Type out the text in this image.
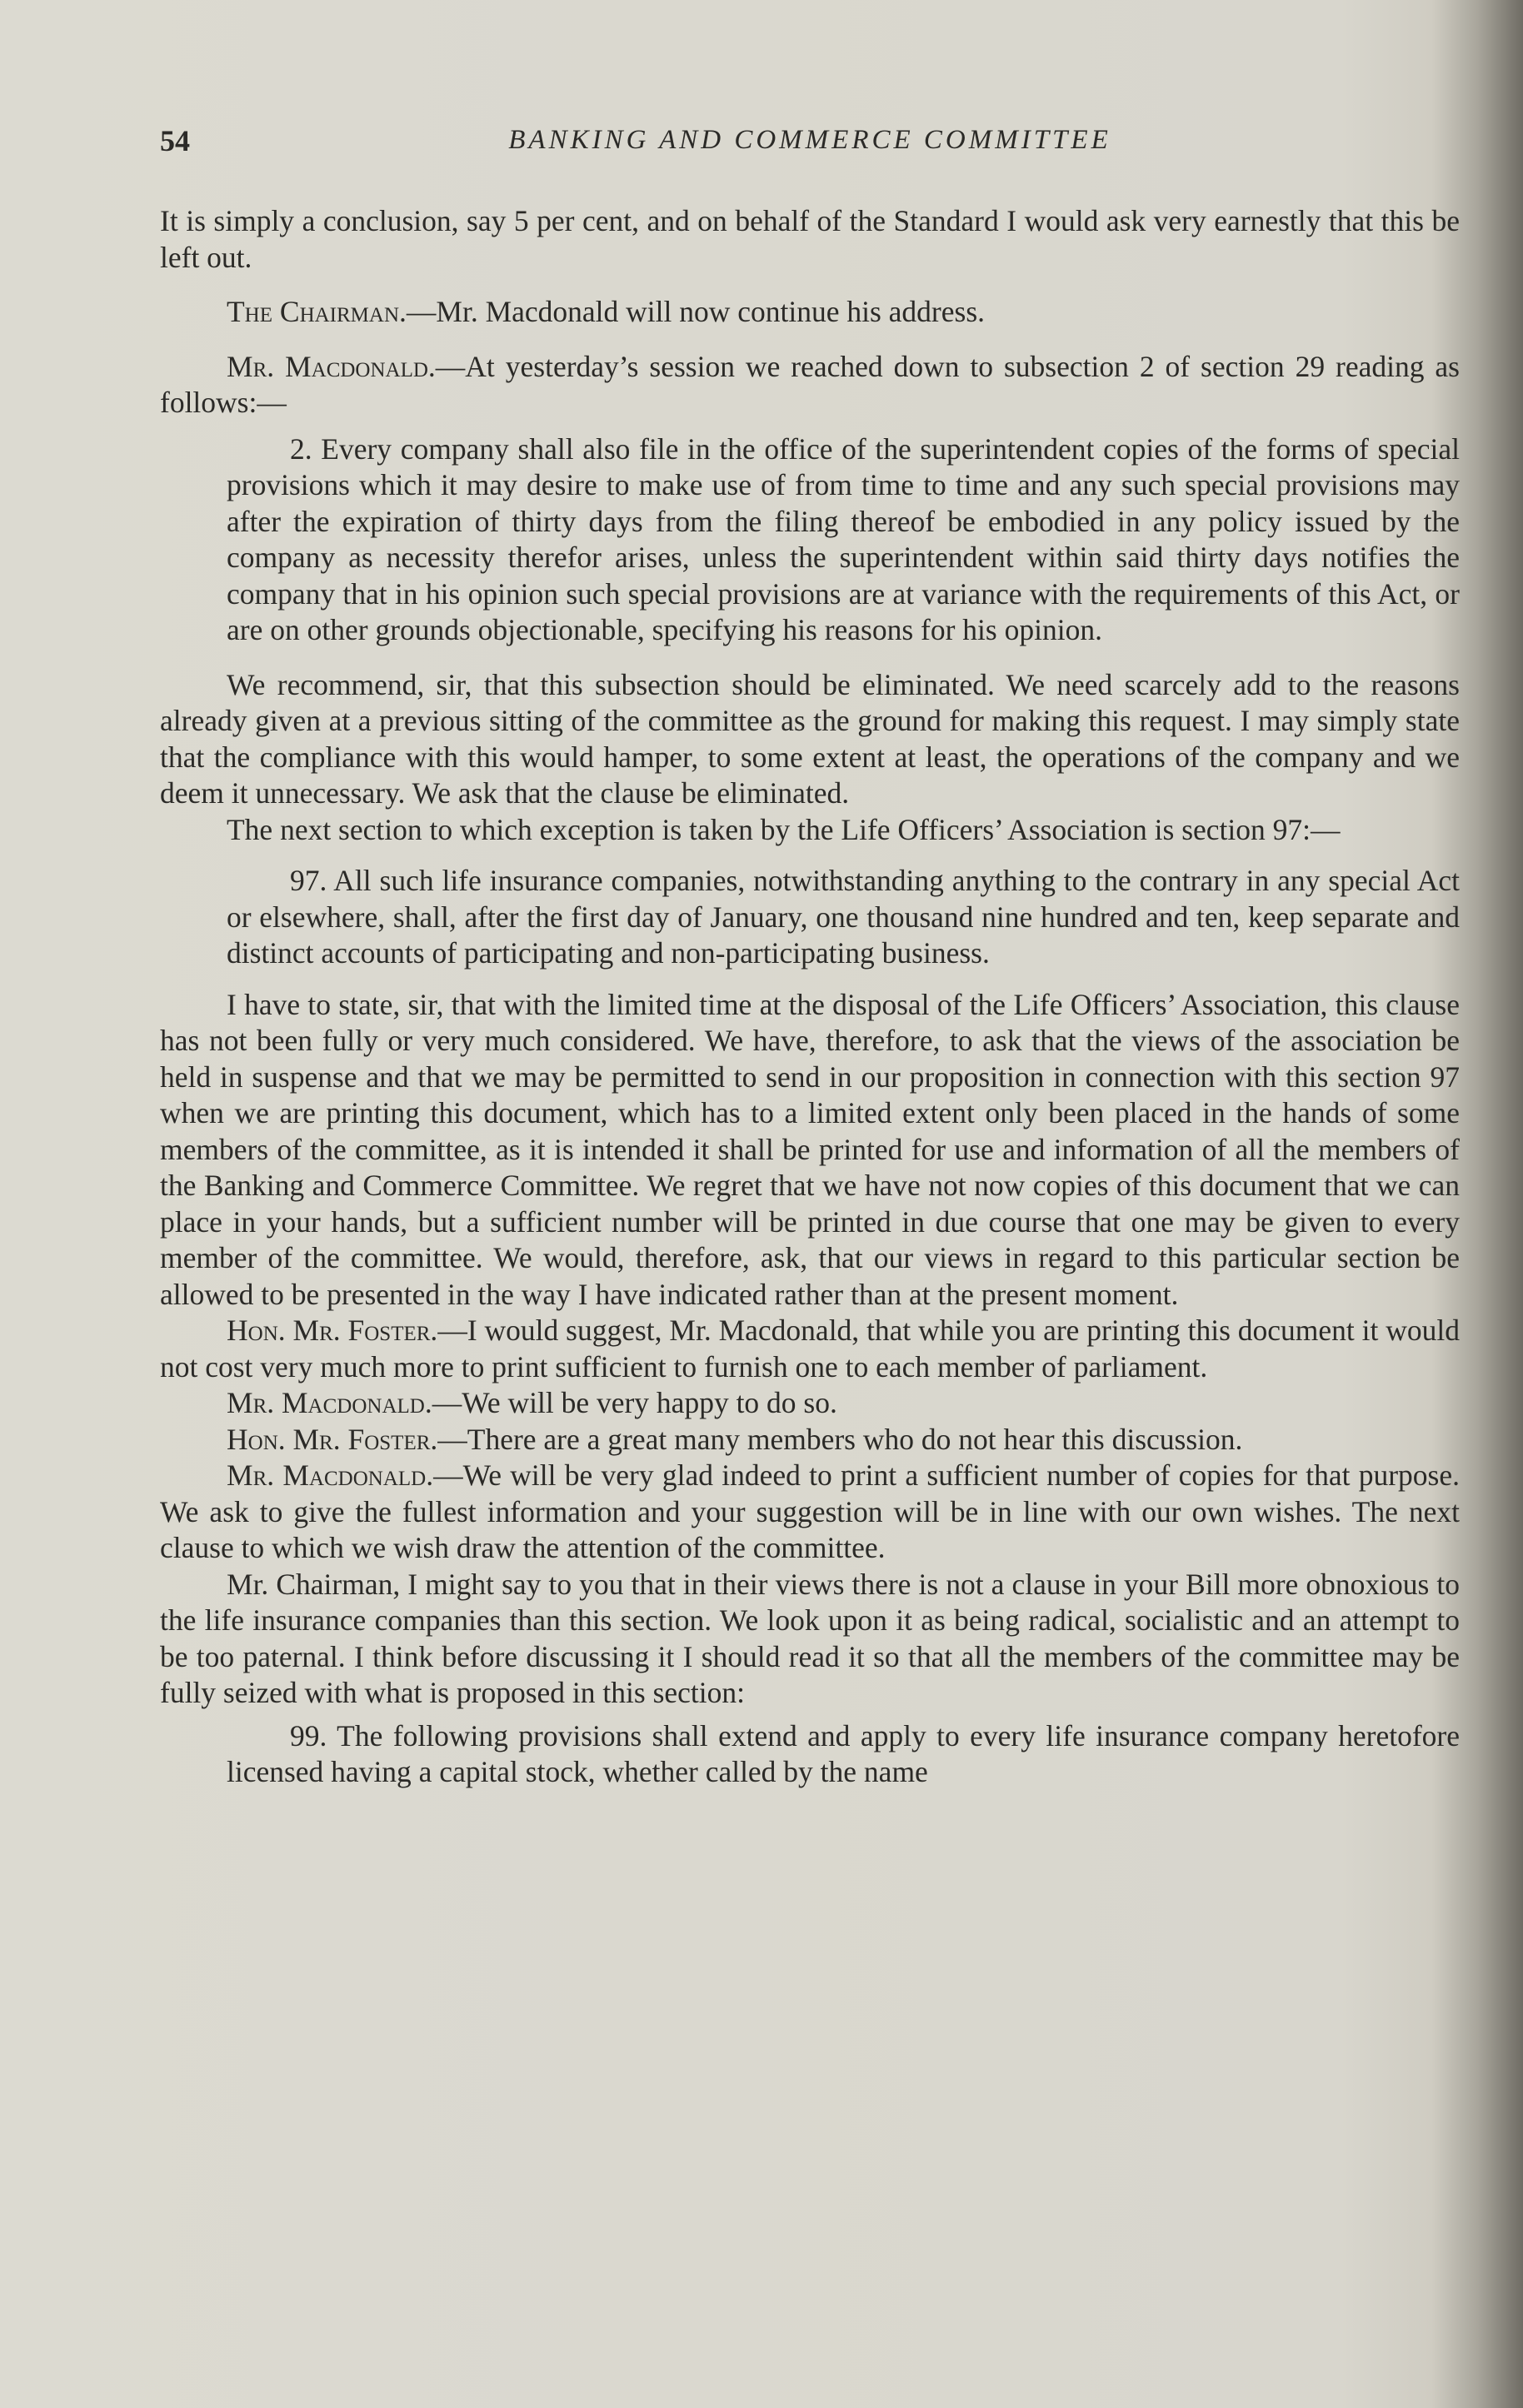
54	BANKING AND COMMERCE COMMITTEE

It is simply a conclusion, say 5 per cent, and on behalf of the Standard I would ask very earnestly that this be left out.

The Chairman.—Mr. Macdonald will now continue his address.

Mr. Macdonald.—At yesterday’s session we reached down to subsection 2 of section 29 reading as follows:—

2. Every company shall also file in the office of the superintendent copies of the forms of special provisions which it may desire to make use of from time to time and any such special provisions may after the expiration of thirty days from the filing thereof be embodied in any policy issued by the company as necessity therefor arises, unless the superintendent within said thirty days notifies the company that in his opinion such special provisions are at variance with the requirements of this Act, or are on other grounds objectionable, specifying his reasons for his opinion.

We recommend, sir, that this subsection should be eliminated. We need scarcely add to the reasons already given at a previous sitting of the committee as the ground for making this request. I may simply state that the compliance with this would hamper, to some extent at least, the operations of the company and we deem it unnecessary. We ask that the clause be eliminated.

The next section to which exception is taken by the Life Officers’ Association is section 97:—

97. All such life insurance companies, notwithstanding anything to the contrary in any special Act or elsewhere, shall, after the first day of January, one thousand nine hundred and ten, keep separate and distinct accounts of participating and non-participating business.

I have to state, sir, that with the limited time at the disposal of the Life Officers’ Association, this clause has not been fully or very much considered. We have, therefore, to ask that the views of the association be held in suspense and that we may be permitted to send in our proposition in connection with this section 97 when we are printing this document, which has to a limited extent only been placed in the hands of some members of the committee, as it is intended it shall be printed for use and information of all the members of the Banking and Commerce Committee. We regret that we have not now copies of this document that we can place in your hands, but a sufficient number will be printed in due course that one may be given to every member of the committee. We would, therefore, ask, that our views in regard to this particular section be allowed to be presented in the way I have indicated rather than at the present moment.

Hon. Mr. Foster.—I would suggest, Mr. Macdonald, that while you are printing this document it would not cost very much more to print sufficient to furnish one to each member of parliament.

Mr. Macdonald.—We will be very happy to do so.

Hon. Mr. Foster.—There are a great many members who do not hear this discussion.

Mr. Macdonald.—We will be very glad indeed to print a sufficient number of copies for that purpose. We ask to give the fullest information and your suggestion will be in line with our own wishes. The next clause to which we wish draw the attention of the committee.

Mr. Chairman, I might say to you that in their views there is not a clause in your Bill more obnoxious to the life insurance companies than this section. We look upon it as being radical, socialistic and an attempt to be too paternal. I think before discussing it I should read it so that all the members of the committee may be fully seized with what is proposed in this section:

99. The following provisions shall extend and apply to every life insurance company heretofore licensed having a capital stock, whether called by the name
